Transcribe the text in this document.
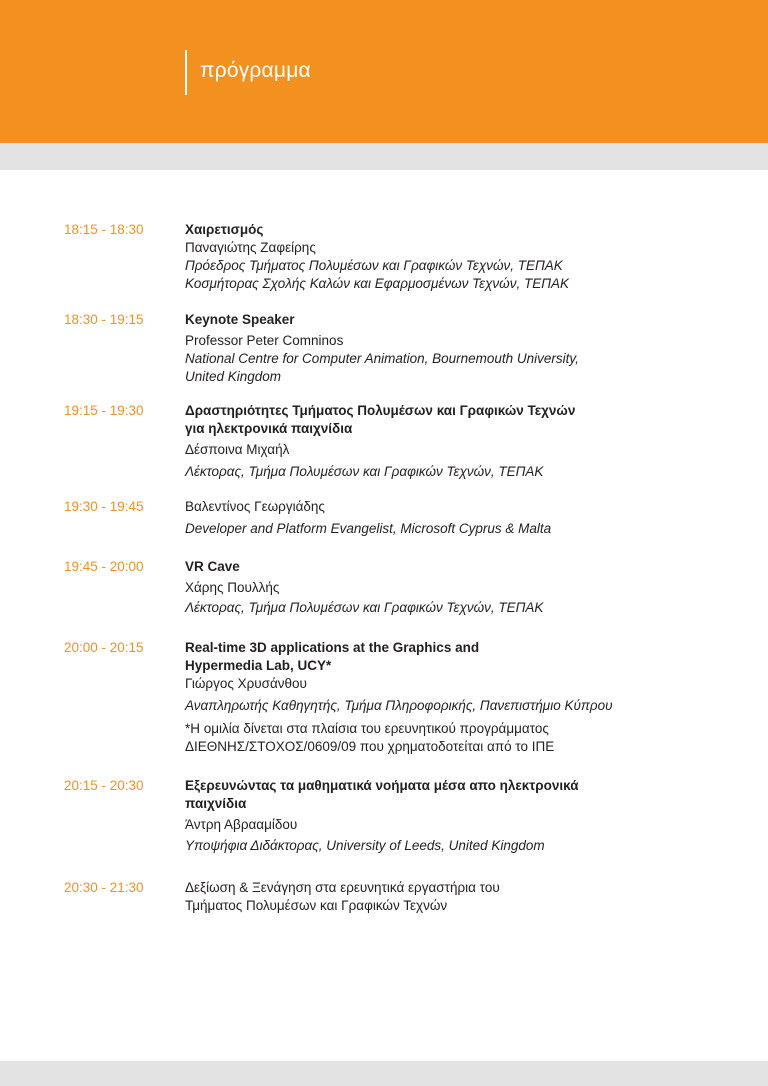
πρόγραμμα
18:15 - 18:30	Χαιρετισμός
Παναγιώτης Ζαφείρης
Πρόεδρος Τμήματος Πολυμέσων και Γραφικών Τεχνών, ΤΕΠΑΚ
Κοσμήτορας Σχολής Καλών και Εφαρμοσμένων Τεχνών, ΤΕΠΑΚ
18:30 - 19:15	Keynote Speaker
Professor Peter Comninos
National Centre for Computer Animation, Bournemouth University,
United Kingdom
19:15 - 19:30	Δραστηριότητες Τμήματος Πολυμέσων και Γραφικών Τεχνών
για ηλεκτρονικά παιχνίδια
Δέσποινα Μιχαήλ
Λέκτορας, Τμήμα Πολυμέσων και Γραφικών Τεχνών, ΤΕΠΑΚ
19:30 - 19:45	Βαλεντίνος Γεωργιάδης
Developer and Platform Evangelist, Microsoft Cyprus & Malta
19:45 - 20:00	VR Cave
Χάρης Πουλλής
Λέκτορας, Τμήμα Πολυμέσων και Γραφικών Τεχνών, ΤΕΠΑΚ
20:00 - 20:15	Real-time 3D applications at the Graphics and
Hypermedia Lab, UCY*
Γιώργος Χρυσάνθου
Αναπληρωτής Καθηγητής, Τμήμα Πληροφορικής, Πανεπιστήμιο Κύπρου
*Η ομιλία δίνεται στα πλαίσια του ερευνητικού προγράμματος
ΔΙΕΘΝΗΣ/ΣΤΟΧΟΣ/0609/09 που χρηματοδοτείται από το ΙΠΕ
20:15 - 20:30	Εξερευνώντας τα μαθηματικά νοήματα μέσα απο ηλεκτρονικά
παιχνίδια
Άντρη Αβρααμίδου
Υποψήφια Διδάκτορας, University of Leeds, United Kingdom
20:30 - 21:30	Δεξίωση & Ξενάγηση στα ερευνητικά εργαστήρια του
Τμήματος Πολυμέσων και Γραφικών Τεχνών
